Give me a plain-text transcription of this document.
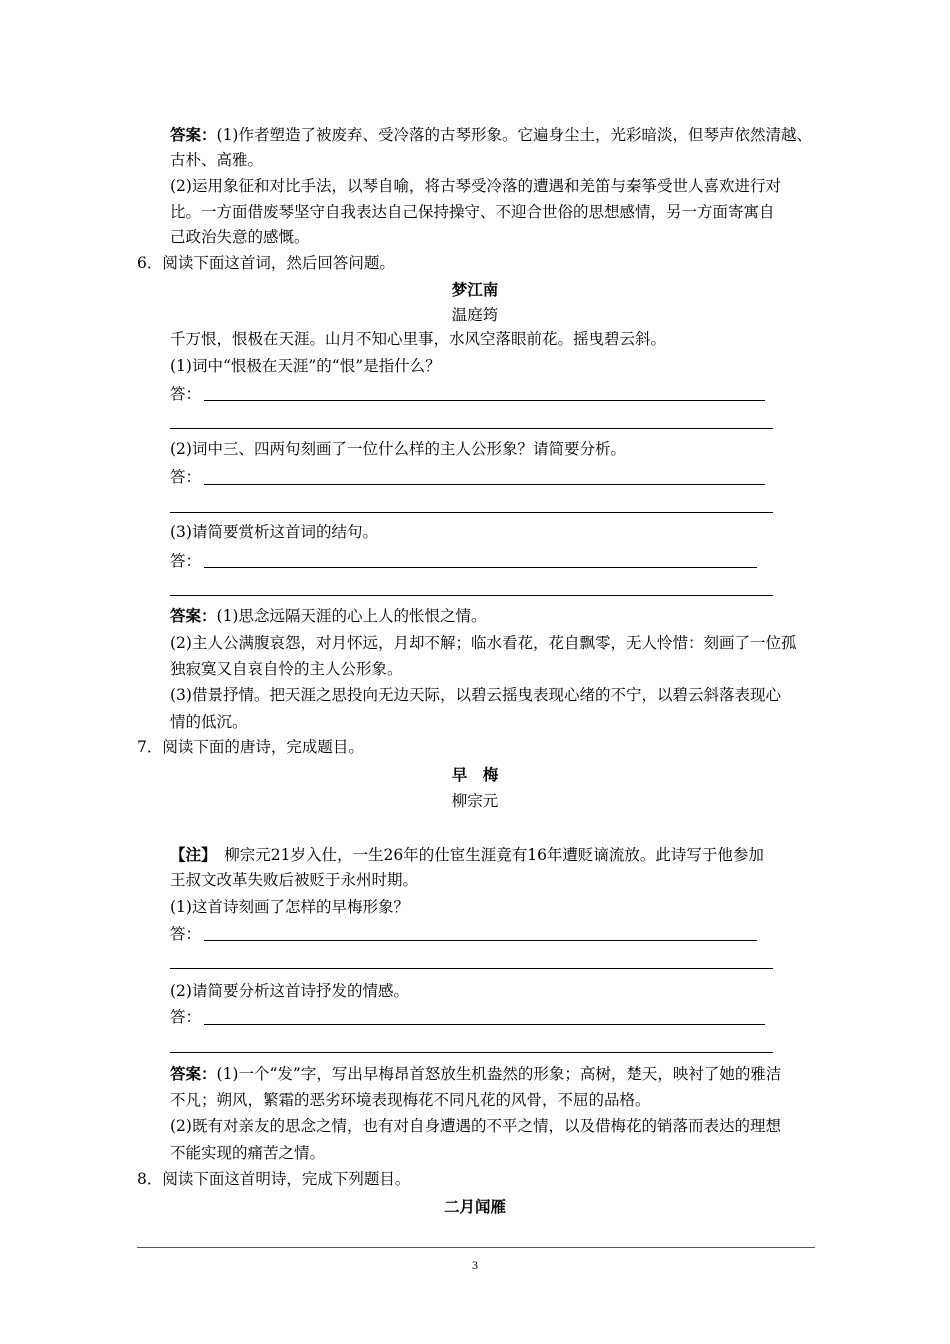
答案：(1)作者塑造了被废弃、受冷落的古琴形象。它遍身尘土，光彩暗淡，但琴声依然清越、
古朴、高雅。
(2)运用象征和对比手法，以琴自喻，将古琴受冷落的遭遇和羌笛与秦筝受世人喜欢进行对
比。一方面借废琴坚守自我表达自己保持操守、不迎合世俗的思想感情，另一方面寄寓自
己政治失意的感慨。
6．阅读下面这首词，然后回答问题。
梦江南
温庭筠
千万恨，恨极在天涯。山月不知心里事，水风空落眼前花。摇曳碧云斜。
(1)词中“恨极在天涯”的“恨”是指什么？
答：
(2)词中三、四两句刻画了一位什么样的主人公形象？请简要分析。
答：
(3)请简要赏析这首词的结句。
答：
答案：(1)思念远隔天涯的心上人的怅恨之情。
(2)主人公满腹哀怨，对月怀远，月却不解；临水看花，花自飘零，无人怜惜：刻画了一位孤
独寂寞又自哀自怜的主人公形象。
(3)借景抒情。把天涯之思投向无边天际，以碧云摇曳表现心绪的不宁，以碧云斜落表现心
情的低沉。
7．阅读下面的唐诗，完成题目。
早　梅
柳宗元
【注】　柳宗元21岁入仕，一生26年的仕宦生涯竟有16年遭贬谪流放。此诗写于他参加
王叔文改革失败后被贬于永州时期。
(1)这首诗刻画了怎样的早梅形象？
答：
(2)请简要分析这首诗抒发的情感。
答：
答案：(1)一个“发”字，写出早梅昂首怒放生机盎然的形象；高树，楚天，映衬了她的雅洁
不凡；朔风，繁霜的恶劣环境表现梅花不同凡花的风骨，不屈的品格。
(2)既有对亲友的思念之情，也有对自身遭遇的不平之情，以及借梅花的销落而表达的理想
不能实现的痛苦之情。
8．阅读下面这首明诗，完成下列题目。
二月闻雁
3
